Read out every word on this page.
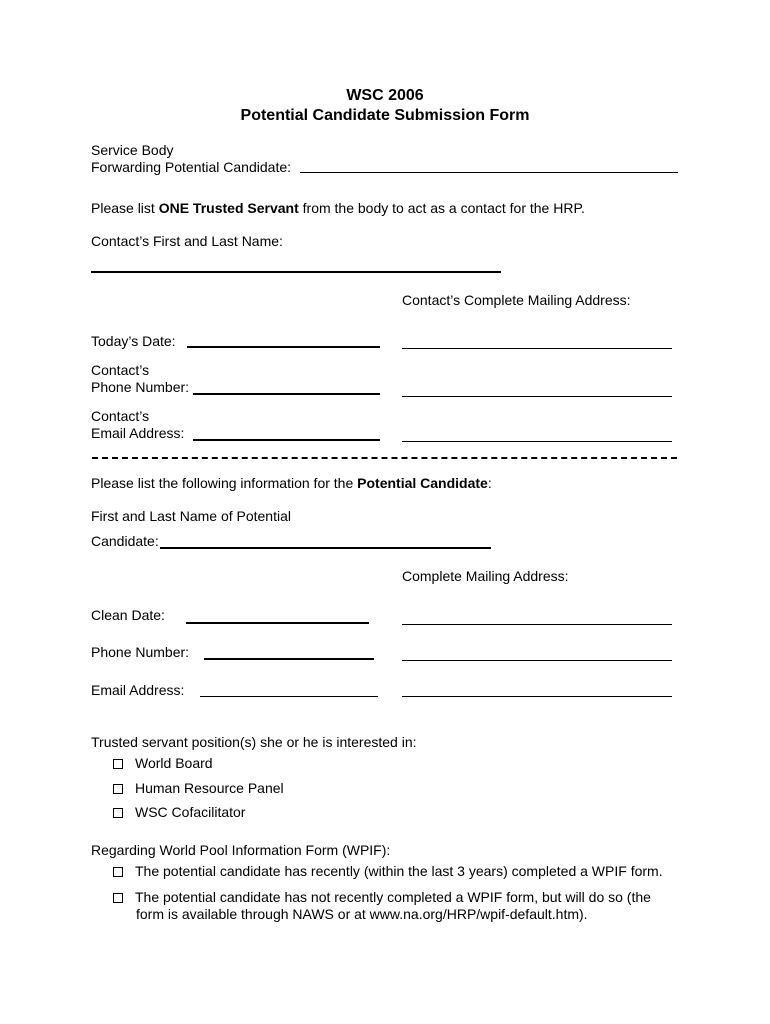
WSC 2006
Potential Candidate Submission Form
Service Body
Forwarding Potential Candidate:
Please list ONE Trusted Servant from the body to act as a contact for the HRP.
Contact’s First and Last Name:
Contact’s Complete Mailing Address:
Today’s Date:
Contact’s
Phone Number:
Contact’s
Email Address:
Please list the following information for the Potential Candidate:
First and Last Name of Potential
Candidate:
Complete Mailing Address:
Clean Date:
Phone Number:
Email Address:
Trusted servant position(s) she or he is interested in:
World Board
Human Resource Panel
WSC Cofacilitator
Regarding World Pool Information Form (WPIF):
The potential candidate has recently (within the last 3 years) completed a WPIF form.
The potential candidate has not recently completed a WPIF form, but will do so (the
form is available through NAWS or at www.na.org/HRP/wpif-default.htm).
